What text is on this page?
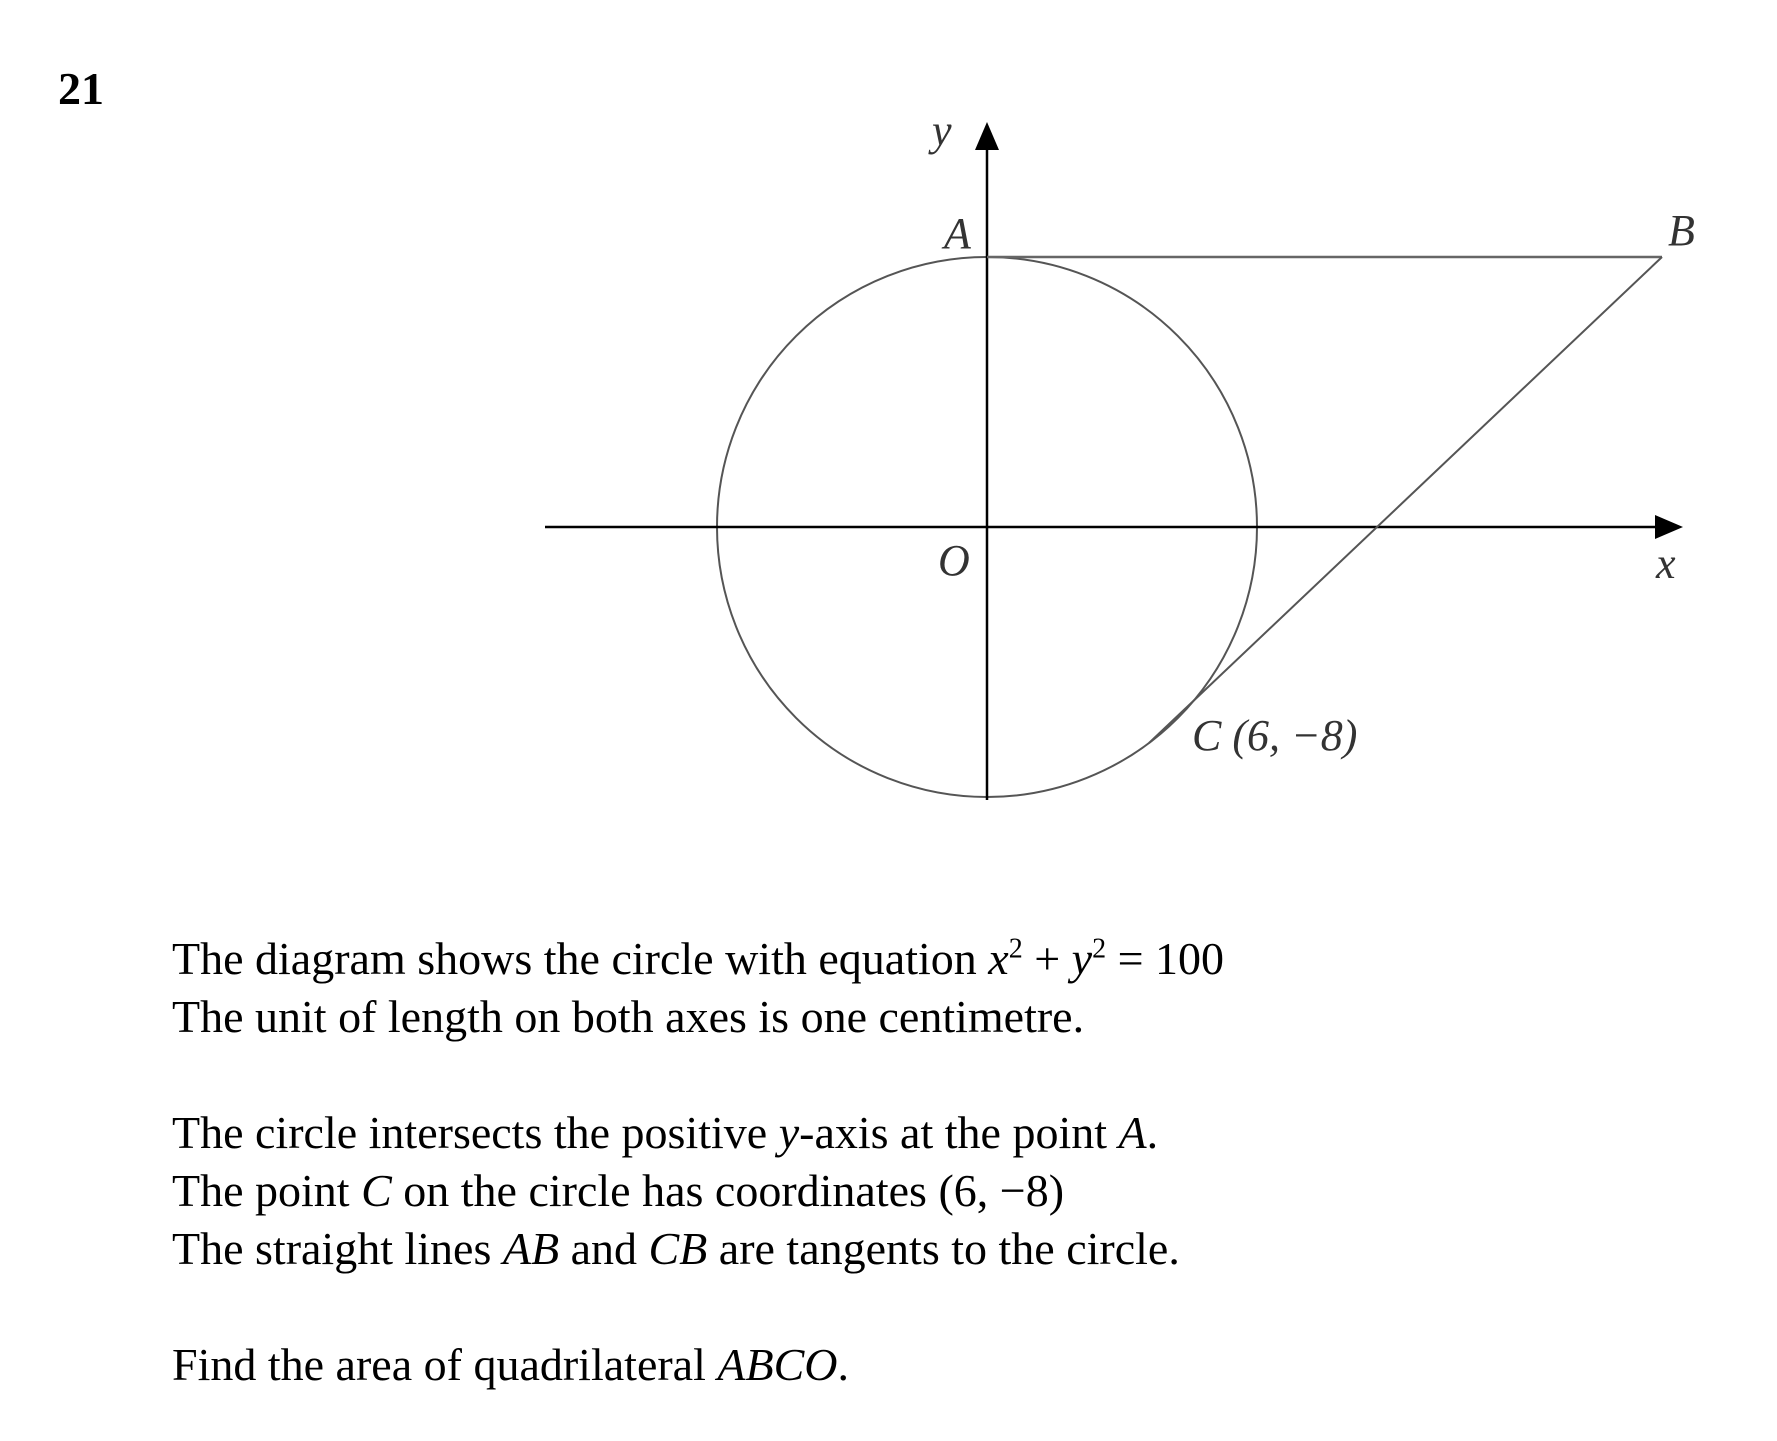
21
y
A	B
O	x
C (6, −8)

The diagram shows the circle with equation $x^2 + y^2 = 100$

The unit of length on both axes is one centimetre.

The circle intersects the positive y-axis at the point A.

The point C on the circle has coordinates (6, −8)

The straight lines AB and CB are tangents to the circle.

Find the area of quadrilateral ABCO.
